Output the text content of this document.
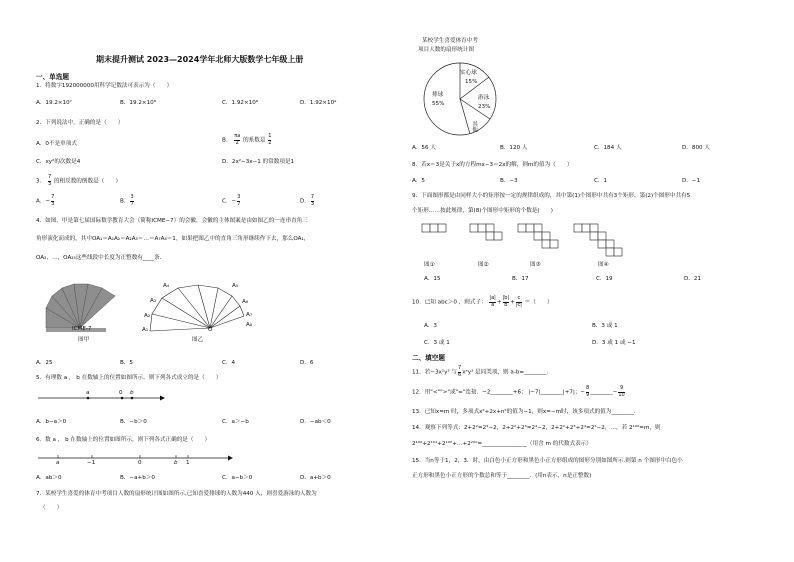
期末提升测试 2023—2024学年北师大版数学七年级上册
一、单选题
1．将数字192000000用科学记数法可表示为（　　）
A．19.2×10⁷	B．19.2×10⁸	C．1.92×10⁸	D．1.92×10⁹
2．下列说法中，正确的是（　　）
A．0不是单项式
B． $\frac{\pi a}{2}$ 的系数是 $\frac{1}{2}$
C．xy²的次数是4	D．2x²−3x−1 的常数项是1
3． $\frac{7}{3}$ 的相反数的倒数是（　　）
A．− $\frac{7}{3}$	B． $\frac{3}{7}$	C．− $\frac{3}{7}$	D． $\frac{7}{3}$
4．如图，甲是第七届国际数学教育大会（简称ICME−7）的会徽，会徽的主体图案是由如图乙的一连串直角三
角形演化而成的，其中OA₁＝A₁A₂＝A₂A₃＝…＝A₇A₈＝1，如果把图乙中的直角三角形继续作下去，那么OA₁，
OA₂，…，OA₂₅这些线段中长度为正整数有____条．
ICME-7
图甲
A₄
A₃
A₅
A₂
A₆
A₁
A₇
O
A₈
图乙
A．25	B．5	C．4	D．6
5．有理数 a ， b 在数轴上的位置如图所示，则下列各式成立的是（　　）
a	0 b
A．b−a＞0	B．−b＞0	C．a＞−b	D．−ab＜0
6．数 a ， b 在数轴上的位置如图所示，则下列各式正确的是（　　）
a	−1	0	b 1
A．ab＞0	B．−a+b＞0	C．a−b＞0	D．a+b＞0
7．某校学生喜爱的体育中考项目人数的扇形统计图如图所示,已知喜爱排球的人数为440 人，则喜爱游泳的人数为
（　　）
某校学生喜爱体育中考
项目人数的扇形统计图
实心球
15%
游泳
23%
其他
排球
55%
A．56 人	B．120 人	C．184 人	D．800 人
8．若x＝3是关于x的方程mx−3＝2x的解，则m的值为（　　）
A．5	B．−3	C．1	D．−1
9．下面图形都是由同样大小的矩形按一定的规律组成的，其中第(1)个图形中共有3个矩形，第(2)个图形中共有5
个矩形……按此规律，第(8)个图形中矩形的个数是(　　)
图①	图②	图③	图④
A．15	B．17	C．19	D．21
10．已知 abc＞0 ，则式子： $\frac{|a|}{a} + \frac{|b|}{b} + \frac{c}{|c|}$ ＝（　　）
A．3	B．3 或 1
C．3 或 1	D．3 或 1 或 −1
二、填空题
11．若−3x²y³ 与 $\frac{7}{6}$ xᵃy³ 是同类项，则 a-b=________．
12．用"<"">"或"="连接．−2________+6； |−7|________|+7|；− $\frac{8}{9}$ ________− $\frac{9}{10}$
13．已知x=m 时，多项式x²+2x+n²的值为−1，则x=−m时，该多项式的值为________.
14．观察下列等式：2+2²=2³−2，2+2²+2³=2⁴−2，2+2²+2³+2⁴=2⁵−2，…，若 2¹⁰⁰=m，则
2¹⁰⁰+2¹⁰¹+2¹⁰²+…+2²⁰⁰=________________（用含 m 的代数式表示）
15．当n等于1，2，3．时，由白色小正方形和黑色小正方形组成的图形分别如图所示.则第 n 个图形中白色小
正方形和黑色小正方形的个数总和等于________．(用n表示，n是正整数)
